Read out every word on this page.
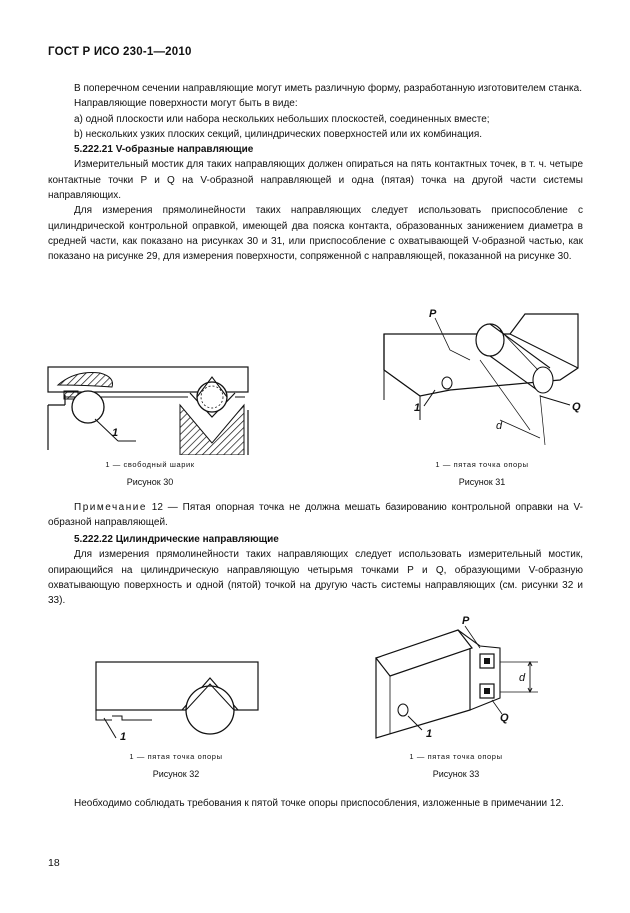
ГОСТ Р ИСО 230-1—2010

В поперечном сечении направляющие могут иметь различную форму, разработанную изготовителем станка.

Направляющие поверхности могут быть в виде:

а) одной плоскости или набора нескольких небольших плоскостей, соединенных вместе;

b) нескольких узких плоских секций, цилиндрических поверхностей или их комбинация.

5.222.21 V-образные направляющие

Измерительный мостик для таких направляющих должен опираться на пять контактных точек, в т. ч. четыре контактные точки P и Q на V-образной направляющей и одна (пятая) точка на другой части системы направляющих.

Для измерения прямолинейности таких направляющих следует использовать приспособление с цилиндрической контрольной оправкой, имеющей два пояска контакта, образованных занижением диаметра в средней части, как показано на рисунках 30 и 31, или приспособление с охватывающей V-образной частью, как показано на рисунке 29, для измерения поверхности, сопряженной с направляющей, показанной на рисунке 30.

1
1 — свободный шарик
Рисунок 30
P
Q
d
1
1 — пятая точка опоры
Рисунок 31

Примечание 12 — Пятая опорная точка не должна мешать базированию контрольной оправки на V-образной направляющей.

5.222.22 Цилиндрические направляющие

Для измерения прямолинейности таких направляющих следует использовать измерительный мостик, опирающийся на цилиндрическую направляющую четырьмя точками P и Q, образующими V-образную охватывающую поверхность и одной (пятой) точкой на другую часть системы направляющих (см. рисунки 32 и 33).

1
1 — пятая точка опоры
Рисунок 32
P
Q
d
1
1 — пятая точка опоры
Рисунок 33

Необходимо соблюдать требования к пятой точке опоры приспособления, изложенные в примечании 12.

18
